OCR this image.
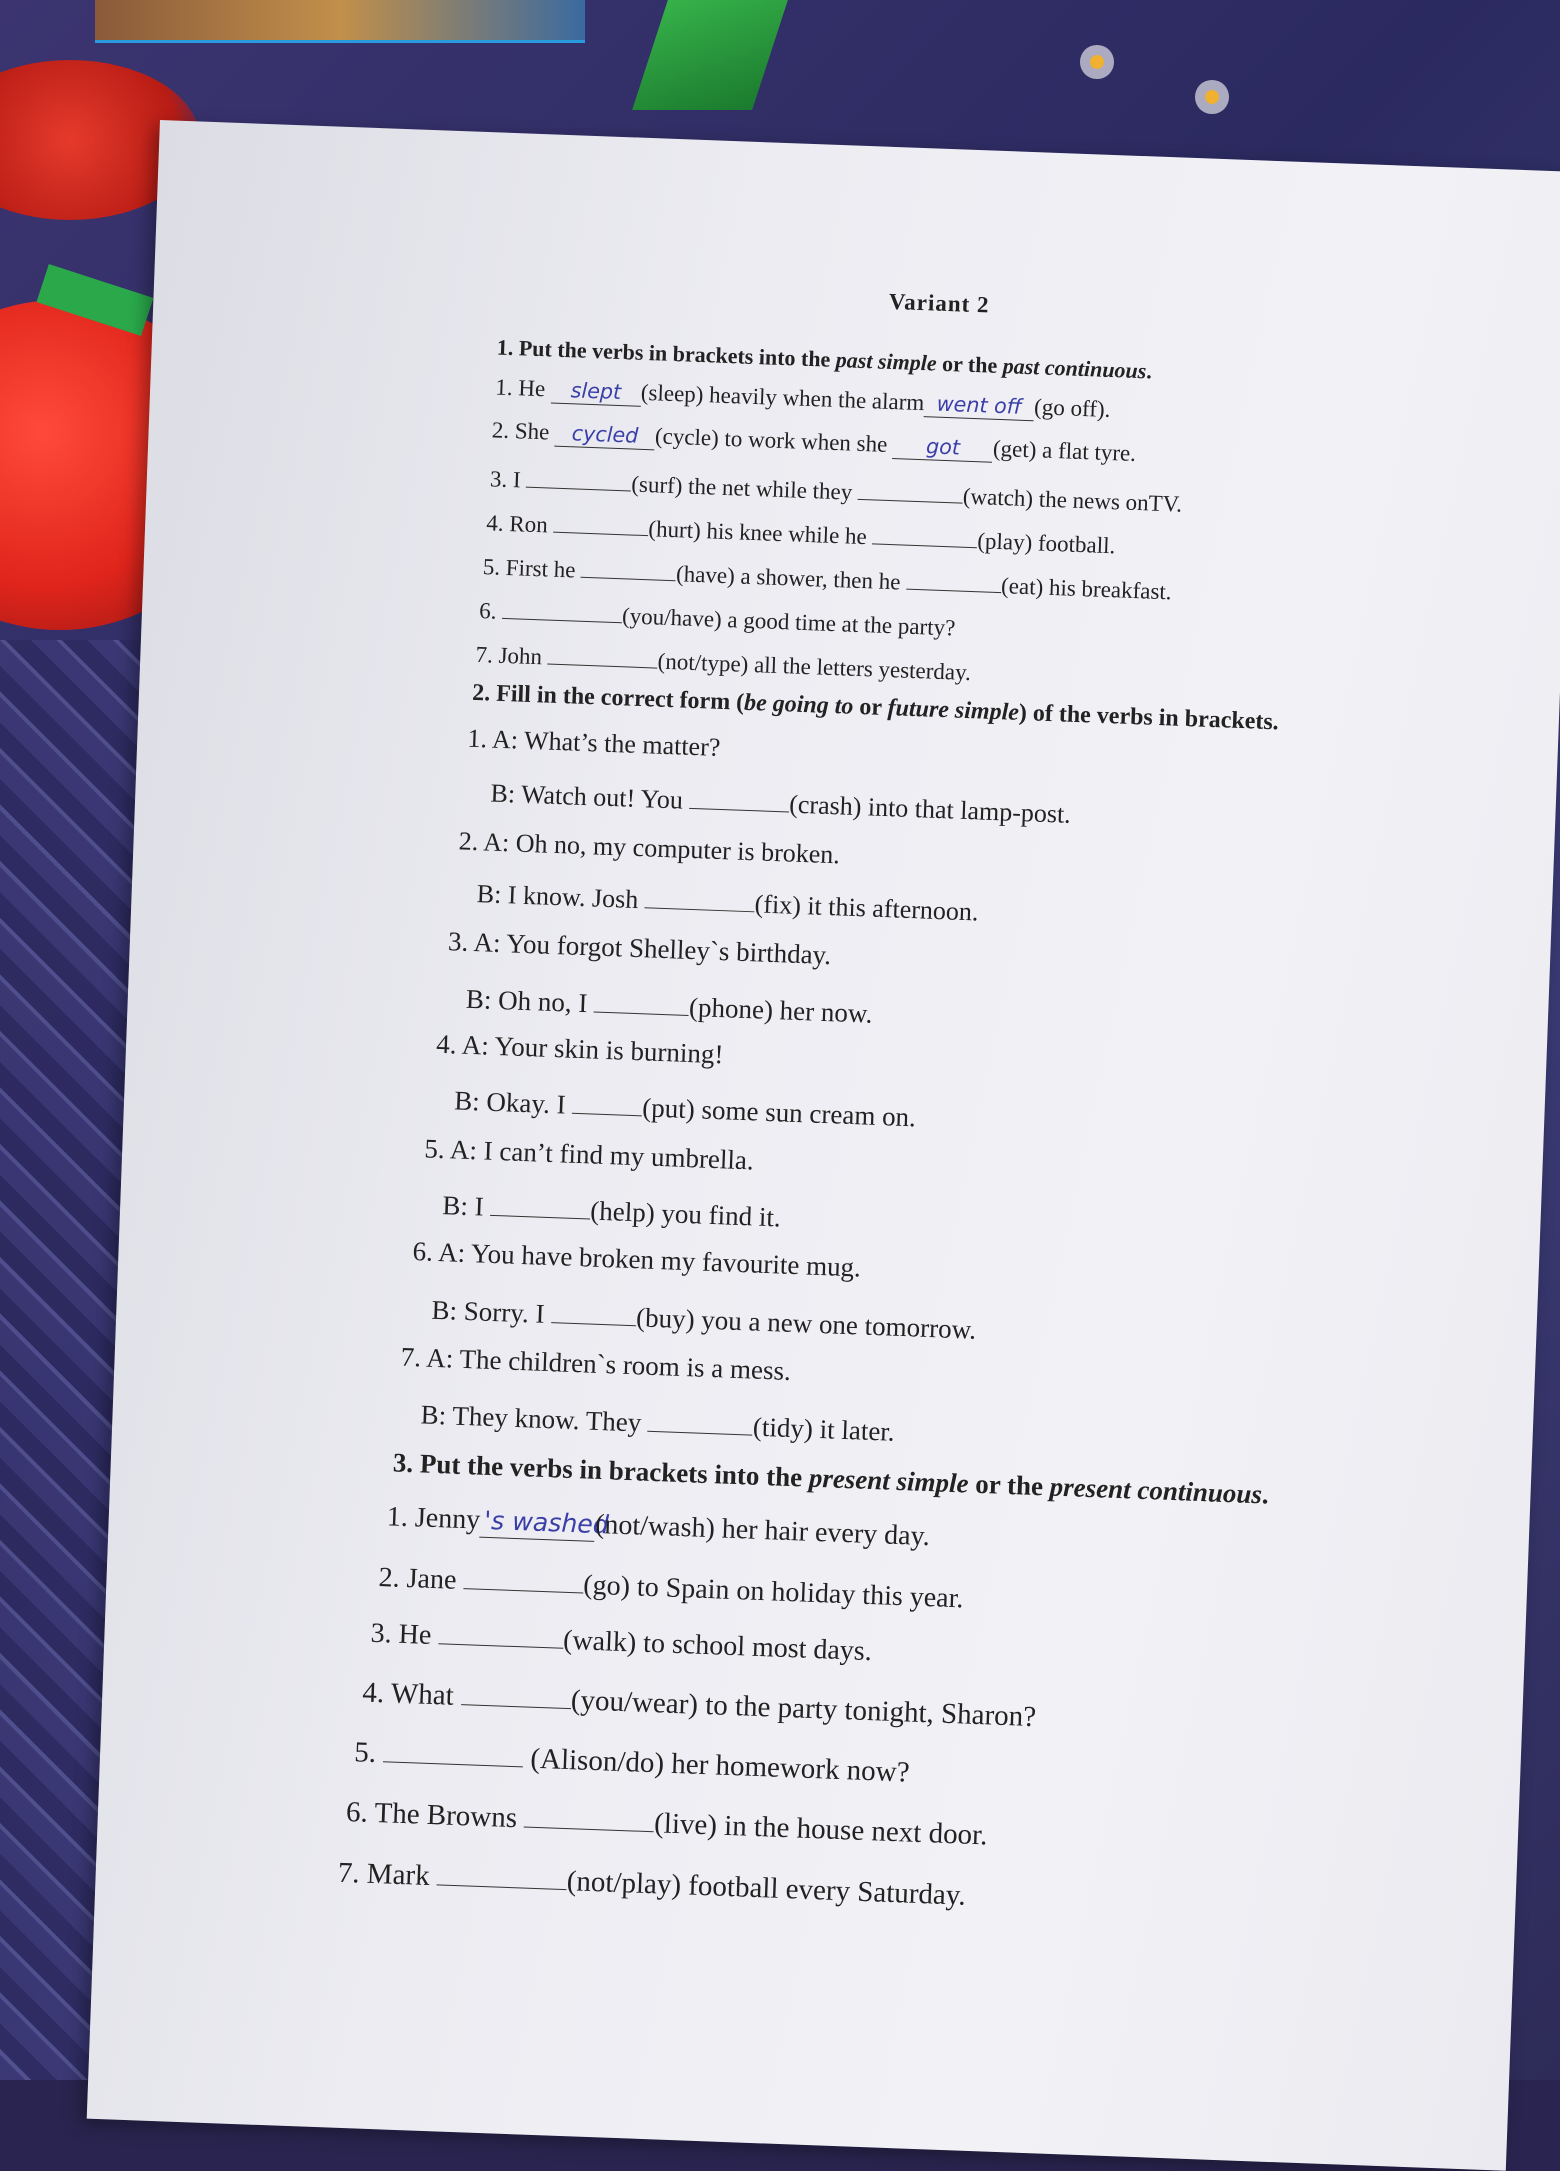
Variant 2
1. Put the verbs in brackets into the past simple or the past continuous.
1. He slept (sleep) heavily when the alarm went off (go off).
2. She cycled (cycle) to work when she got (get) a flat tyre.
3. I	(surf) the net while they	(watch) the news onTV.
4. Ron	(hurt) his knee while he	(play) football.
5. First he	(have) a shower, then he	(eat) his breakfast.
6.	(you/have) a good time at the party?
7. John	(not/type) all the letters yesterday.
2. Fill in the correct form (be going to or future simple) of the verbs in brackets.
1. A: What’s the matter?
B: Watch out! You	(crash) into that lamp-post.
2. A: Oh no, my computer is broken.
B: I know. Josh	(fix) it this afternoon.
3. A: You forgot Shelley`s birthday.
B: Oh no, I	(phone) her now.
4. A: Your skin is burning!
B: Okay. I	(put) some sun cream on.
5. A: I can’t find my umbrella.
B: I	(help) you find it.
6. A: You have broken my favourite mug.
B: Sorry. I	(buy) you a new one tomorrow.
7. A: The children`s room is a mess.
B: They know. They	(tidy) it later.
3. Put the verbs in brackets into the present simple or the present continuous.
1. Jenny 's washed(not/wash) her hair every day.
2. Jane	(go) to Spain on holiday this year.
3. He	(walk) to school most days.
4. What	(you/wear) to the party tonight, Sharon?
5.	(Alison/do) her homework now?
6. The Browns	(live) in the house next door.
7. Mark	(not/play) football every Saturday.
